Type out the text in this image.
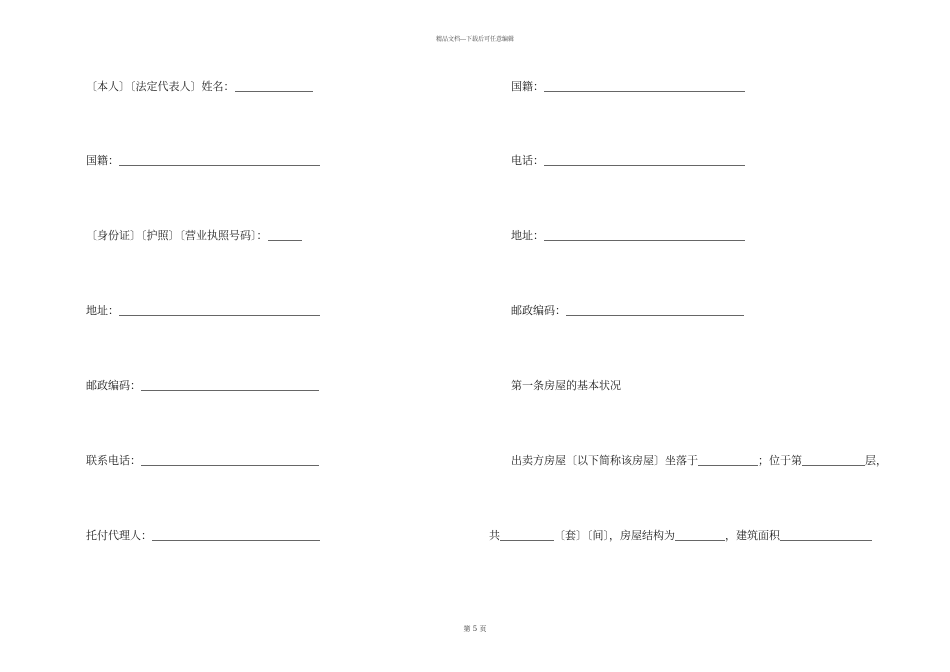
精品文档---下载后可任意编辑
〔本人〕〔法定代表人〕姓名：
国籍：
〔身份证〕〔护照〕〔营业执照号码〕：
地址：
邮政编码：
联系电话：
托付代理人：
国籍：
电话：
地址：
邮政编码：
第一条房屋的基本状况
出卖方房屋〔以下简称该房屋〕坐落于	；位于第	层，
共	〔套〕〔间〕，房屋结构为	，建筑面积
第 5 页
